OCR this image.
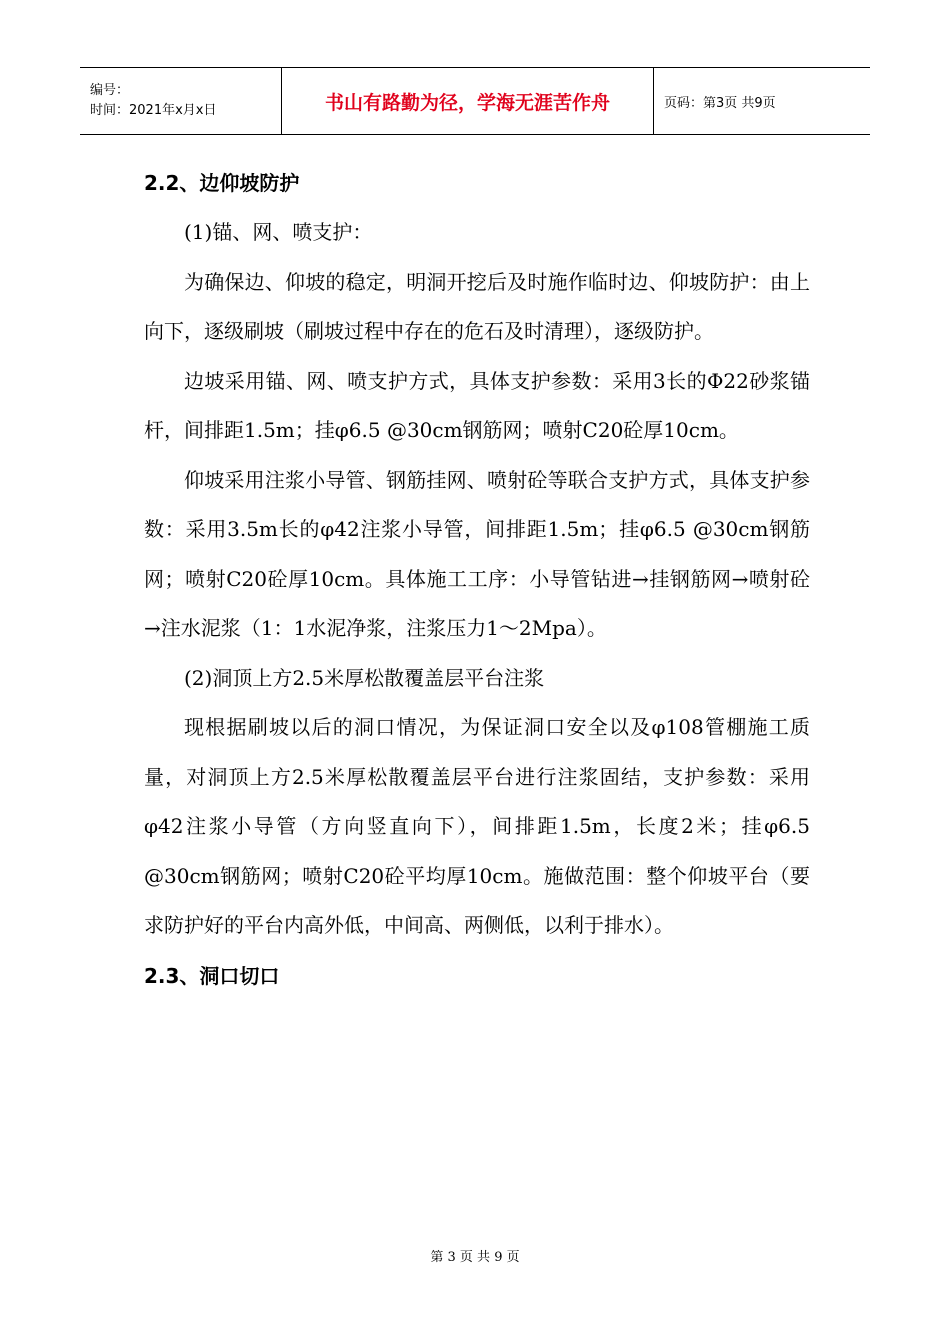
编号：
时间：2021年x月x日	书山有路勤为径，学海无涯苦作舟	页码：第3页 共9页

2.2、边仰坡防护

(1)锚、网、喷支护：

为确保边、仰坡的稳定，明洞开挖后及时施作临时边、仰坡防护：由上向下，逐级刷坡（刷坡过程中存在的危石及时清理），逐级防护。

边坡采用锚、网、喷支护方式，具体支护参数：采用3长的Φ22砂浆锚杆，间排距1.5m；挂φ6.5 @30cm钢筋网；喷射C20砼厚10cm。

仰坡采用注浆小导管、钢筋挂网、喷射砼等联合支护方式，具体支护参数：采用3.5m长的φ42注浆小导管，间排距1.5m；挂φ6.5 @30cm钢筋网；喷射C20砼厚10cm。具体施工工序：小导管钻进→挂钢筋网→喷射砼→注水泥浆（1：1水泥净浆，注浆压力1～2Mpa）。

(2)洞顶上方2.5米厚松散覆盖层平台注浆

现根据刷坡以后的洞口情况，为保证洞口安全以及φ108管棚施工质量，对洞顶上方2.5米厚松散覆盖层平台进行注浆固结，支护参数：采用φ42注浆小导管（方向竖直向下），间排距1.5m，长度2米；挂φ6.5 @30cm钢筋网；喷射C20砼平均厚10cm。施做范围：整个仰坡平台（要求防护好的平台内高外低，中间高、两侧低，以利于排水）。

2.3、洞口切口

第 3 页 共 9 页
